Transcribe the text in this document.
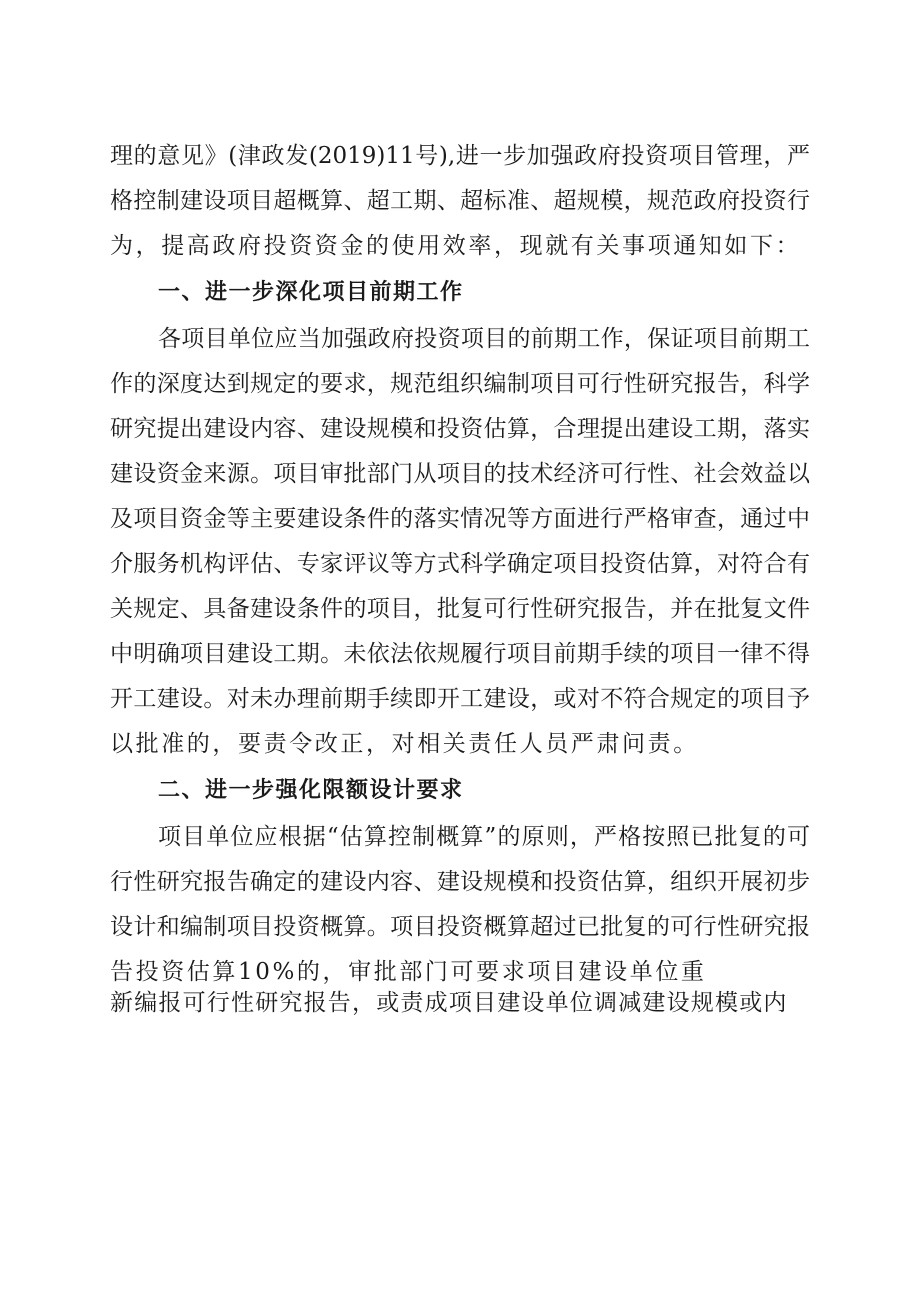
理的意见》(津政发(2019)11号),进一步加强政府投资项目管理，严
格控制建设项目超概算、超工期、超标准、超规模，规范政府投资行
为，提高政府投资资金的使用效率，现就有关事项通知如下：
一、进一步深化项目前期工作
各项目单位应当加强政府投资项目的前期工作，保证项目前期工
作的深度达到规定的要求，规范组织编制项目可行性研究报告，科学
研究提出建设内容、建设规模和投资估算，合理提出建设工期，落实
建设资金来源。项目审批部门从项目的技术经济可行性、社会效益以
及项目资金等主要建设条件的落实情况等方面进行严格审查，通过中
介服务机构评估、专家评议等方式科学确定项目投资估算，对符合有
关规定、具备建设条件的项目，批复可行性研究报告，并在批复文件
中明确项目建设工期。未依法依规履行项目前期手续的项目一律不得
开工建设。对未办理前期手续即开工建设，或对不符合规定的项目予
以批准的，要责令改正，对相关责任人员严肃问责。
二、进一步强化限额设计要求
项目单位应根据“估算控制概算”的原则，严格按照已批复的可
行性研究报告确定的建设内容、建设规模和投资估算，组织开展初步
设计和编制项目投资概算。项目投资概算超过已批复的可行性研究报
告投资估算10%的，审批部门可要求项目建设单位重
新编报可行性研究报告，或责成项目建设单位调减建设规模或内
